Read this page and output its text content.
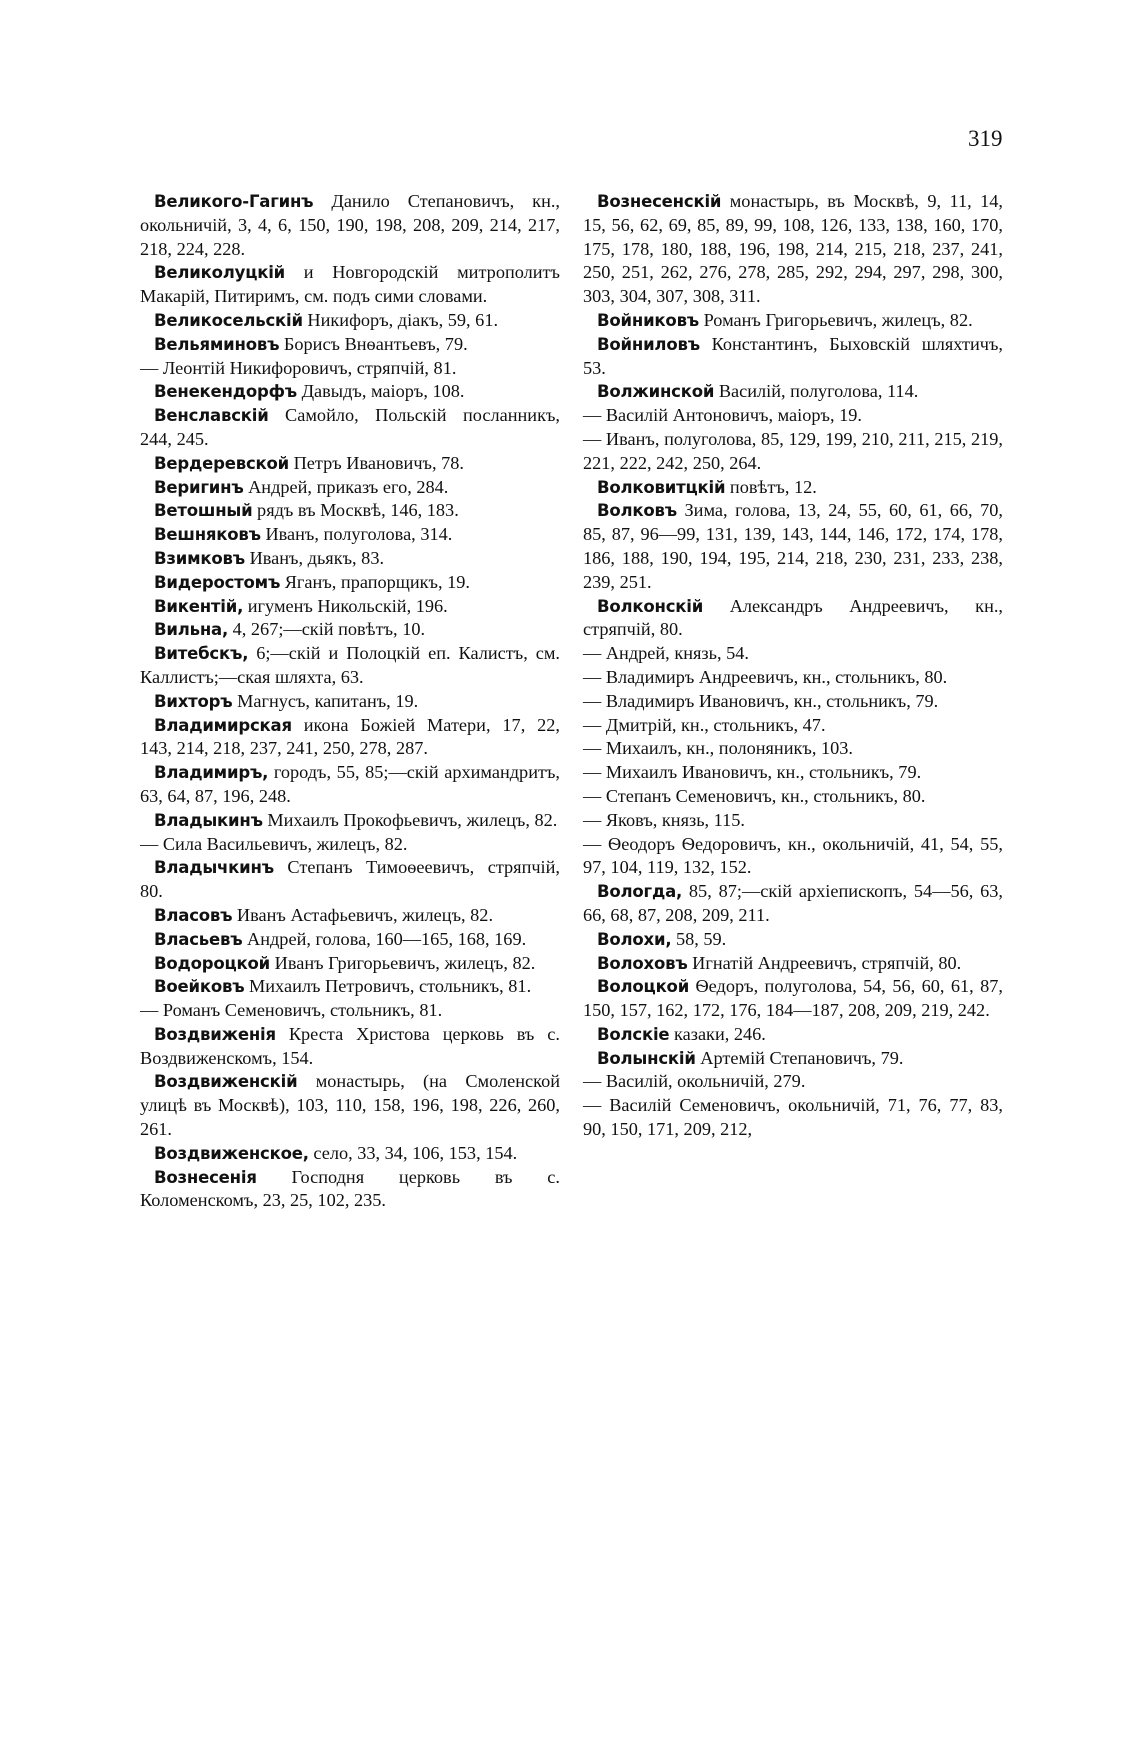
319

Великого-Гагинъ Данило Степановичъ, кн., окольничій, 3, 4, 6, 150, 190, 198, 208, 209, 214, 217, 218, 224, 228.

Великолуцкій и Новгородскій митрополитъ Макарій, Питиримъ, см. подъ сими словами.

Великосельскій Никифоръ, діакъ, 59, 61.

Вельяминовъ Борисъ Внѳантьевъ, 79.

— Леонтій Никифоровичъ, стряпчій, 81.

Венекендорфъ Давыдъ, маіоръ, 108.

Венславскій Самойло, Польскій посланникъ, 244, 245.

Вердеревской Петръ Ивановичъ, 78.

Веригинъ Андрей, приказъ его, 284.

Ветошный рядъ въ Москвѣ, 146, 183.

Вешняковъ Иванъ, полуголова, 314.

Взимковъ Иванъ, дьякъ, 83.

Видеростомъ Яганъ, прапорщикъ, 19.

Викентій, игуменъ Никольскій, 196.

Вильна, 4, 267;—скій повѣтъ, 10.

Витебскъ, 6;—скій и Полоцкій еп. Калистъ, см. Каллистъ;—ская шляхта, 63.

Вихторъ Магнусъ, капитанъ, 19.

Владимирская икона Божіей Матери, 17, 22, 143, 214, 218, 237, 241, 250, 278, 287.

Владимиръ, городъ, 55, 85;—скій архимандритъ, 63, 64, 87, 196, 248.

Владыкинъ Михаилъ Прокофьевичъ, жилецъ, 82.

— Сила Васильевичъ, жилецъ, 82.

Владычкинъ Степанъ Тимоѳеевичъ, стряпчій, 80.

Власовъ Иванъ Астафьевичъ, жилецъ, 82.

Власьевъ Андрей, голова, 160—165, 168, 169.

Водороцкой Иванъ Григорьевичъ, жилецъ, 82.

Воейковъ Михаилъ Петровичъ, стольникъ, 81.

— Романъ Семеновичъ, стольникъ, 81.

Воздвиженія Креста Христова церковь въ с. Воздвиженскомъ, 154.

Воздвиженскій монастырь, (на Смоленской улицѣ въ Москвѣ), 103, 110, 158, 196, 198, 226, 260, 261.

Воздвиженское, село, 33, 34, 106, 153, 154.

Вознесенія Господня церковь въ с. Коломенскомъ, 23, 25, 102, 235.

Вознесенскій монастырь, въ Москвѣ, 9, 11, 14, 15, 56, 62, 69, 85, 89, 99, 108, 126, 133, 138, 160, 170, 175, 178, 180, 188, 196, 198, 214, 215, 218, 237, 241, 250, 251, 262, 276, 278, 285, 292, 294, 297, 298, 300, 303, 304, 307, 308, 311.

Войниковъ Романъ Григорьевичъ, жилецъ, 82.

Войниловъ Константинъ, Быховскій шляхтичъ, 53.

Волжинской Василій, полуголова, 114.

— Василій Антоновичъ, маіоръ, 19.

— Иванъ, полуголова, 85, 129, 199, 210, 211, 215, 219, 221, 222, 242, 250, 264.

Волковитцкій повѣтъ, 12.

Волковъ Зима, голова, 13, 24, 55, 60, 61, 66, 70, 85, 87, 96—99, 131, 139, 143, 144, 146, 172, 174, 178, 186, 188, 190, 194, 195, 214, 218, 230, 231, 233, 238, 239, 251.

Волконскій Александръ Андреевичъ, кн., стряпчій, 80.

— Андрей, князь, 54.

— Владимиръ Андреевичъ, кн., стольникъ, 80.

— Владимиръ Ивановичъ, кн., стольникъ, 79.

— Дмитрій, кн., стольникъ, 47.

— Михаилъ, кн., полоняникъ, 103.

— Михаилъ Ивановичъ, кн., стольникъ, 79.

— Степанъ Семеновичъ, кн., стольникъ, 80.

— Яковъ, князь, 115.

— Ѳеодоръ Ѳедоровичъ, кн., окольничій, 41, 54, 55, 97, 104, 119, 132, 152.

Вологда, 85, 87;—скій архіепископъ, 54—56, 63, 66, 68, 87, 208, 209, 211.

Волохи, 58, 59.

Волоховъ Игнатій Андреевичъ, стряпчій, 80.

Волоцкой Ѳедоръ, полуголова, 54, 56, 60, 61, 87, 150, 157, 162, 172, 176, 184—187, 208, 209, 219, 242.

Волскіе казаки, 246.

Волынскій Артемій Степановичъ, 79.

— Василій, окольничій, 279.

— Василій Семеновичъ, окольничій, 71, 76, 77, 83, 90, 150, 171, 209, 212,
